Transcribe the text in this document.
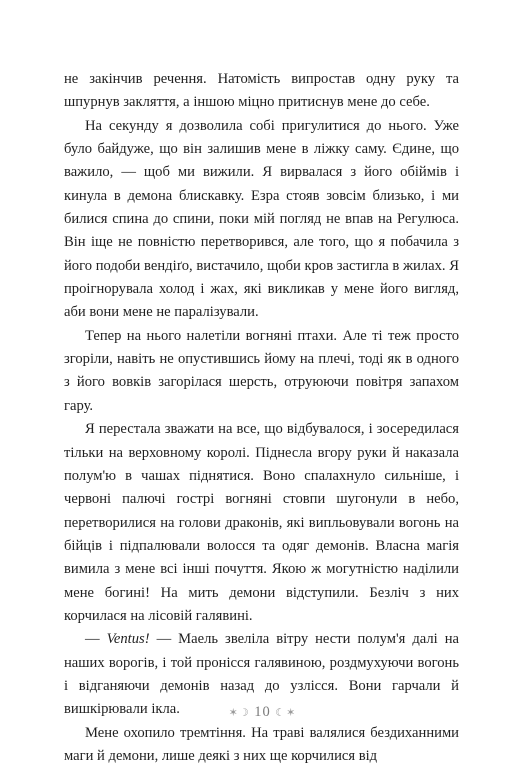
не закінчив речення. Натомість випростав одну руку та шпурнув закляття, а іншою міцно притиснув мене до себе.

На секунду я дозволила собі пригулитися до нього. Уже було байдуже, що він залишив мене в ліжку саму. Єдине, що важило, — щоб ми вижили. Я вирвалася з його обіймів і кинула в демона блискавку. Езра стояв зовсім близько, і ми билися спина до спини, поки мій погляд не впав на Регулюса. Він іще не повністю перетворився, але того, що я побачила з його подоби вендіґо, вистачило, щоби кров застигла в жилах. Я проігнорувала холод і жах, які викликав у мене його вигляд, аби вони мене не паралізували.

Тепер на нього налетіли вогняні птахи. Але ті теж просто згоріли, навіть не опустившись йому на плечі, тоді як в одного з його вовків загорілася шерсть, отруюючи повітря запахом гару.

Я перестала зважати на все, що відбувалося, і зосередилася тільки на верховному королі. Піднесла вгору руки й наказала полум'ю в чашах піднятися. Воно спалахнуло сильніше, і червоні палючі гострі вогняні стовпи шугонули в небо, перетворилися на голови драконів, які випльовували вогонь на бійців і підпалювали волосся та одяг демонів. Власна магія вимила з мене всі інші почуття. Якою ж могутністю наділили мене богині! На мить демони відступили. Безліч з них корчилася на лісовій галявині.

— Ventus! — Маель звеліла вітру нести полум'я далі на наших ворогів, і той пронісся галявиною, роздмухуючи вогонь і відганяючи демонів назад до узлісся. Вони гарчали й вишкірювали ікла.

Мене охопило тремтіння. На траві валялися бездиханними маги й демони, лише деякі з них ще корчилися від

✶☽ 10 ☾✶
